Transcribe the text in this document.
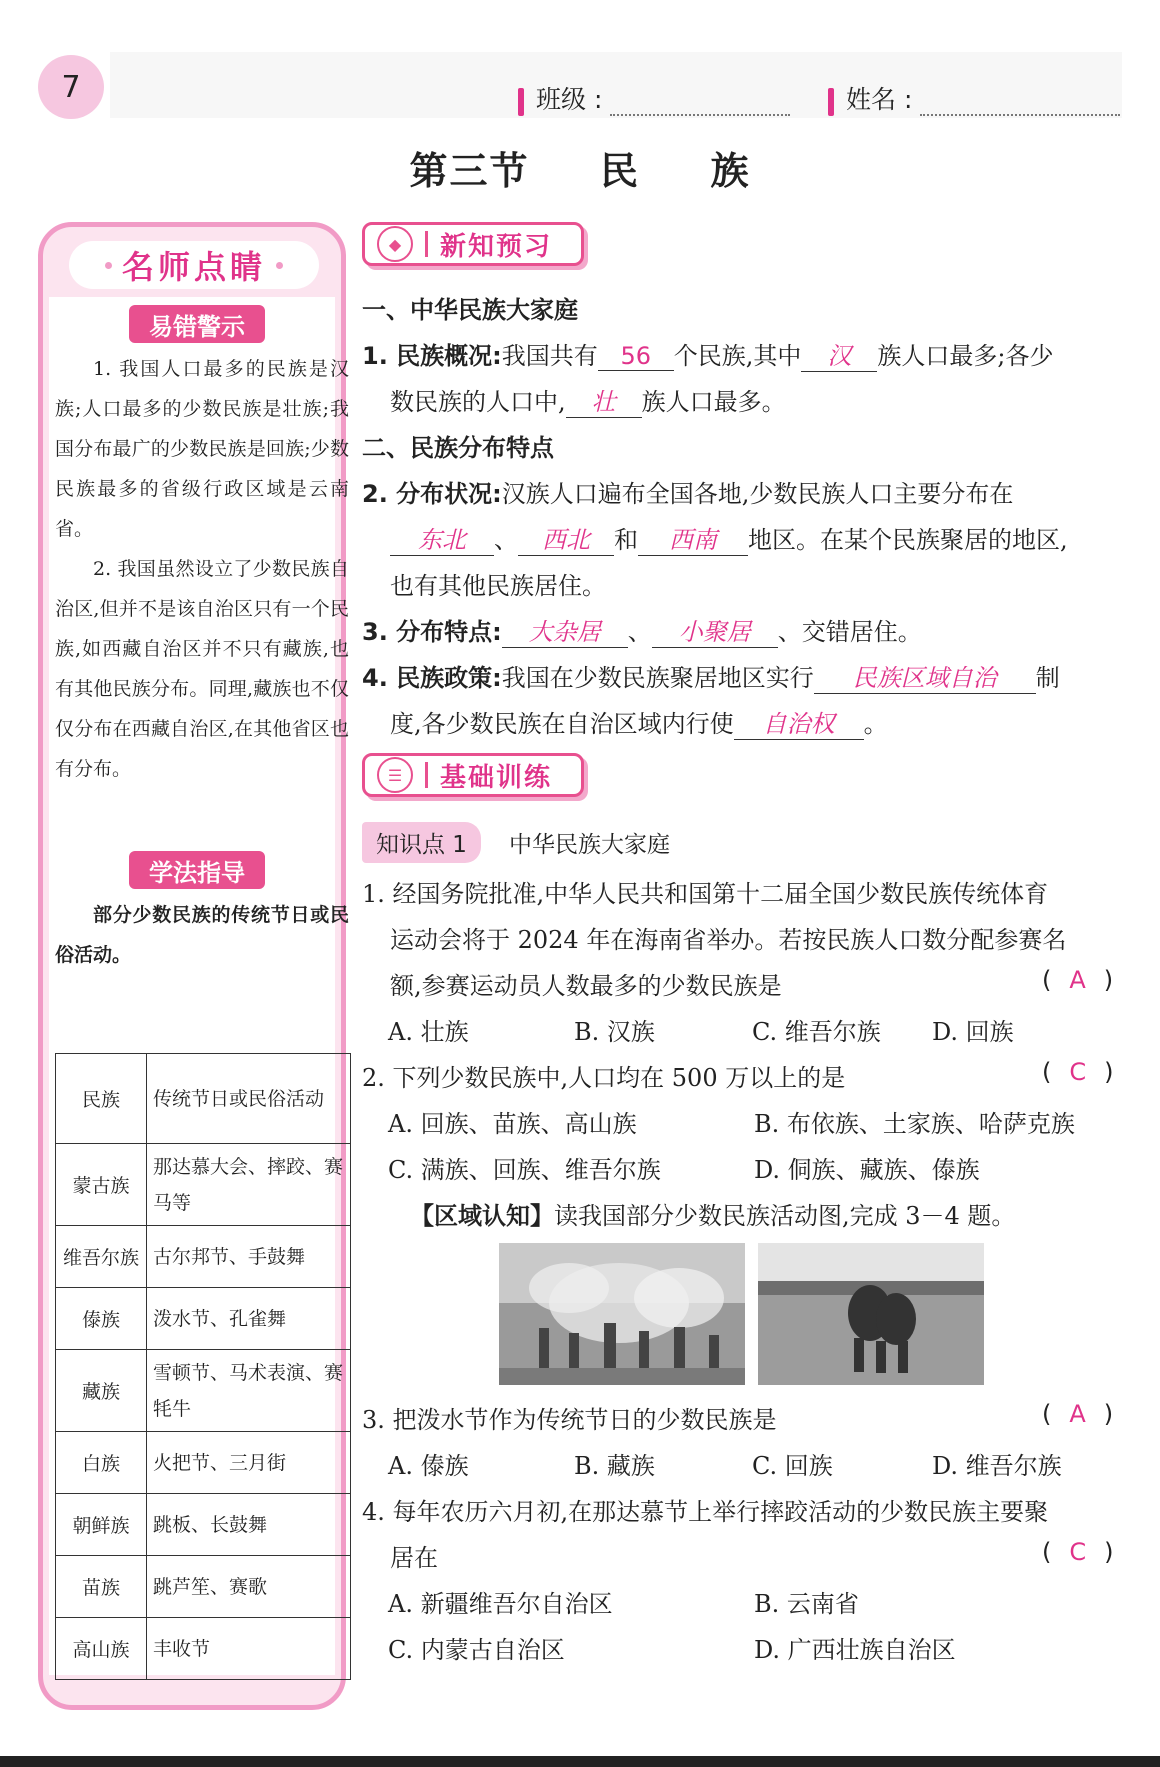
7	班级 :	姓名 :
第三节 民 族
名师点睛
易错警示

1. 我国人口最多的民族是汉族;人口最多的少数民族是壮族;我国分布最广的少数民族是回族;少数民族最多的省级行政区域是云南省。

2. 我国虽然设立了少数民族自治区,但并不是该自治区只有一个民族,如西藏自治区并不只有藏族,也有其他民族分布。同理,藏族也不仅仅分布在西藏自治区,在其他省区也有分布。

学法指导

部分少数民族的传统节日或民俗活动。

民族	传统节日或民俗活动
蒙古族	那达慕大会、摔跤、赛马等
维吾尔族	古尔邦节、手鼓舞
傣族	泼水节、孔雀舞
藏族	雪顿节、马术表演、赛牦牛
白族	火把节、三月街
朝鲜族	跳板、长鼓舞
苗族	跳芦笙、赛歌
高山族	丰收节
◆	新知预习
一、中华民族大家庭
1. 民族概况:我国共有 56 个民族,其中 汉 族人口最多;各少
数民族的人口中, 壮 族人口最多。
二、民族分布特点
2. 分布状况:汉族人口遍布全国各地,少数民族人口主要分布在
东北 、 西北 和 西南 地区。在某个民族聚居的地区,
也有其他民族居住。
3. 分布特点: 大杂居 、 小聚居 、交错居住。
4. 民族政策:我国在少数民族聚居地区实行 民族区域自治 制
度,各少数民族在自治区域内行使 自治权 。
☰	基础训练
知识点 1	中华民族大家庭
1. 经国务院批准,中华人民共和国第十二届全国少数民族传统体育
运动会将于 2024 年在海南省举办。若按民族人口数分配参赛名
额,参赛运动员人数最多的少数民族是	( A )
A. 壮族	B. 汉族	C. 维吾尔族 D. 回族
2. 下列少数民族中,人口均在 500 万以上的是	( C )
A. 回族、苗族、高山族	B. 布依族、土家族、哈萨克族
C. 满族、回族、维吾尔族	D. 侗族、藏族、傣族
【区域认知】读我国部分少数民族活动图,完成 3－4 题。
3. 把泼水节作为传统节日的少数民族是	( A )
A. 傣族	B. 藏族	C. 回族	D. 维吾尔族
4. 每年农历六月初,在那达慕节上举行摔跤活动的少数民族主要聚
居在	( C )
A. 新疆维吾尔自治区	B. 云南省
C. 内蒙古自治区	D. 广西壮族自治区
